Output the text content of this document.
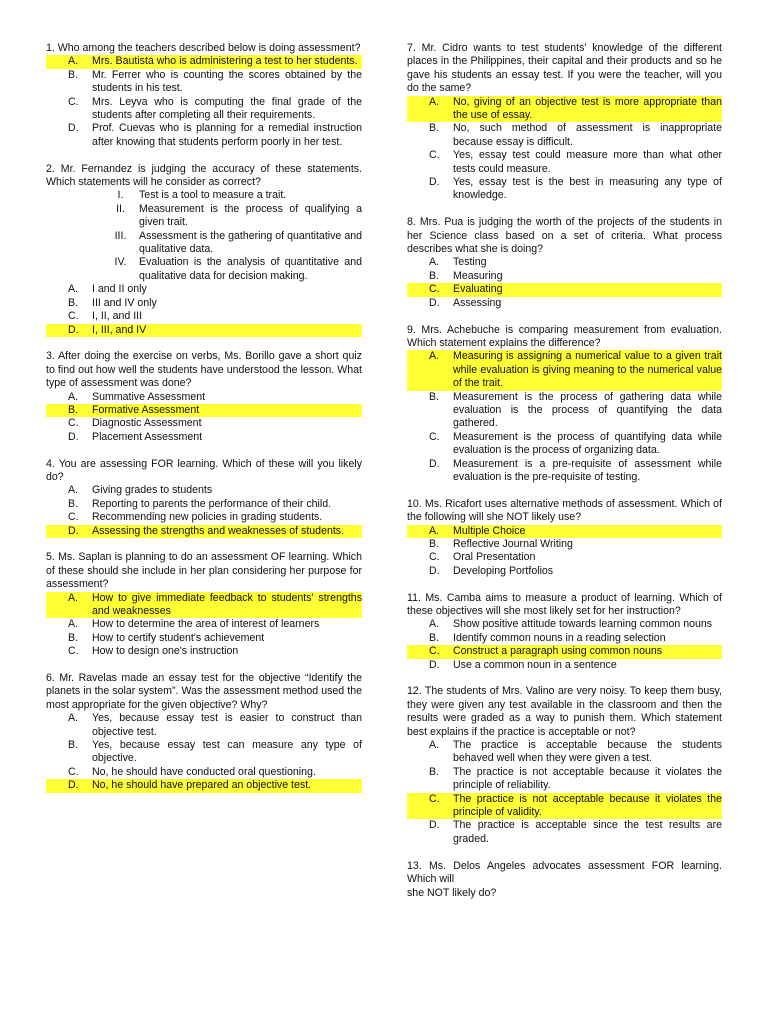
1. Who among the teachers described below is doing assessment?
A.	Mrs. Bautista who is administering a test to her students.
B.	Mr. Ferrer who is counting the scores obtained by the students in his test.
C.	Mrs. Leyva who is computing the final grade of the students after completing all their requirements.
D.	Prof. Cuevas who is planning for a remedial instruction after knowing that students perform poorly in her test.
2. Mr. Fernandez is judging the accuracy of these statements. Which statements will he consider as correct?
I.	Test is a tool to measure a trait.
II.	Measurement is the process of qualifying a given trait.
III.	Assessment is the gathering of quantitative and qualitative data.
IV.	Evaluation is the analysis of quantitative and qualitative data for decision making.
A.	I and II only
B.	III and IV only
C.	I, II, and III
D.	I, III, and IV
3. After doing the exercise on verbs, Ms. Borillo gave a short quiz to find out how well the students have understood the lesson. What type of assessment was done?
A.	Summative Assessment
B.	Formative Assessment
C.	Diagnostic Assessment
D.	Placement Assessment
4. You are assessing FOR learning. Which of these will you likely do?
A.	Giving grades to students
B.	Reporting to parents the performance of their child.
C.	Recommending new policies in grading students.
D.	Assessing the strengths and weaknesses of students.
5. Ms. Saplan is planning to do an assessment OF learning. Which of these should she include in her plan considering her purpose for assessment?
A.	How to give immediate feedback to students' strengths and weaknesses
A.	How to determine the area of interest of learners
B.	How to certify student's achievement
C.	How to design one's instruction
6. Mr. Ravelas made an essay test for the objective “Identify the planets in the solar system”. Was the assessment method used the most appropriate for the given objective? Why?
A.	Yes, because essay test is easier to construct than objective test.
B.	Yes, because essay test can measure any type of objective.
C.	No, he should have conducted oral questioning.
D.	No, he should have prepared an objective test.
7. Mr. Cidro wants to test students' knowledge of the different places in the Philippines, their capital and their products and so he gave his students an essay test. If you were the teacher, will you do the same?
A.	No, giving of an objective test is more appropriate than the use of essay.
B.	No, such method of assessment is inappropriate because essay is difficult.
C.	Yes, essay test could measure more than what other tests could measure.
D.	Yes, essay test is the best in measuring any type of knowledge.
8. Mrs. Pua is judging the worth of the projects of the students in her Science class based on a set of criteria. What process describes what she is doing?
A.	Testing
B.	Measuring
C.	Evaluating
D.	Assessing
9. Mrs. Achebuche is comparing measurement from evaluation. Which statement explains the difference?
A.	Measuring is assigning a numerical value to a given trait while evaluation is giving meaning to the numerical value of the trait.
B.	Measurement is the process of gathering data while evaluation is the process of quantifying the data gathered.
C.	Measurement is the process of quantifying data while evaluation is the process of organizing data.
D.	Measurement is a pre-requisite of assessment while evaluation is the pre-requisite of testing.
10. Ms. Ricafort uses alternative methods of assessment. Which of the following will she NOT likely use?
A.	Multiple Choice
B.	Reflective Journal Writing
C.	Oral Presentation
D.	Developing Portfolios
11. Ms. Camba aims to measure a product of learning. Which of these objectives will she most likely set for her instruction?
A.	Show positive attitude towards learning common nouns
B.	Identify common nouns in a reading selection
C.	Construct a paragraph using common nouns
D.	Use a common noun in a sentence
12. The students of Mrs. Valino are very noisy. To keep them busy, they were given any test available in the classroom and then the results were graded as a way to punish them. Which statement best explains if the practice is acceptable or not?
A.	The practice is acceptable because the students behaved well when they were given a test.
B.	The practice is not acceptable because it violates the principle of reliability.
C.	The practice is not acceptable because it violates the principle of validity.
D.	The practice is acceptable since the test results are graded.
13. Ms. Delos Angeles advocates assessment FOR learning. Which will
she NOT likely do?
